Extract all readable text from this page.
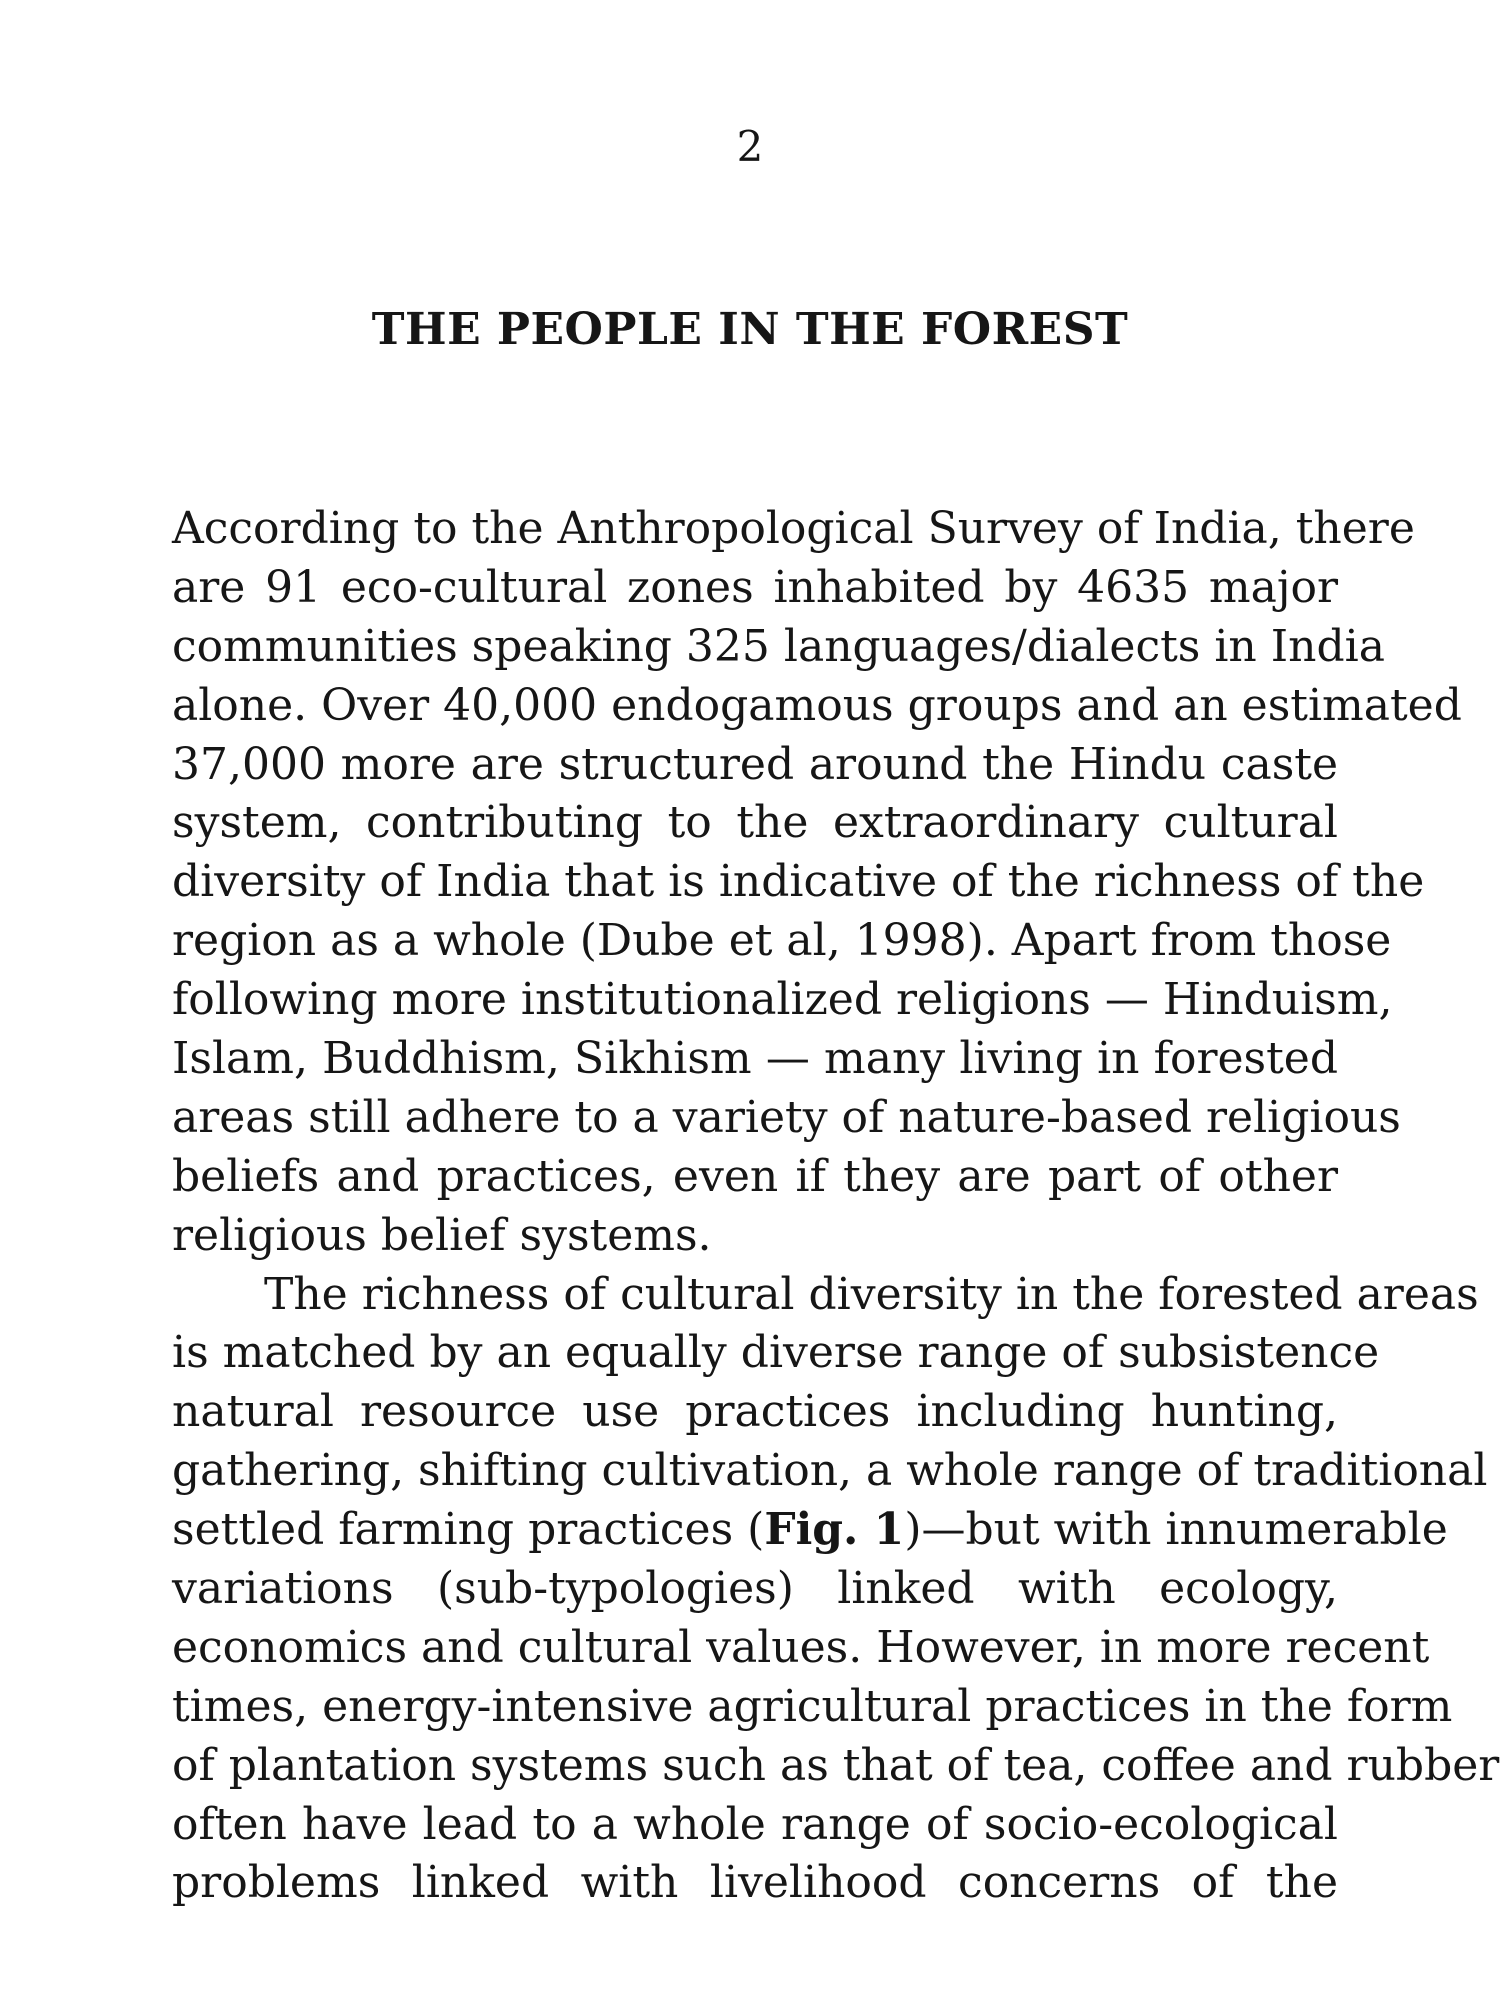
2
THE PEOPLE IN THE FOREST
According to the Anthropological Survey of India, there
are 91 eco-cultural zones inhabited by 4635 major
communities speaking 325 languages/dialects in India
alone. Over 40,000 endogamous groups and an estimated
37,000 more are structured around the Hindu caste
system, contributing to the extraordinary cultural
diversity of India that is indicative of the richness of the
region as a whole (Dube et al, 1998). Apart from those
following more institutionalized religions — Hinduism,
Islam, Buddhism, Sikhism — many living in forested
areas still adhere to a variety of nature-based religious
beliefs and practices, even if they are part of other
religious belief systems.
The richness of cultural diversity in the forested areas
is matched by an equally diverse range of subsistence
natural resource use practices including hunting,
gathering, shifting cultivation, a whole range of traditional
settled farming practices (Fig. 1)—but with innumerable
variations (sub-typologies) linked with ecology,
economics and cultural values. However, in more recent
times, energy-intensive agricultural practices in the form
of plantation systems such as that of tea, coffee and rubber
often have lead to a whole range of socio-ecological
problems linked with livelihood concerns of the
